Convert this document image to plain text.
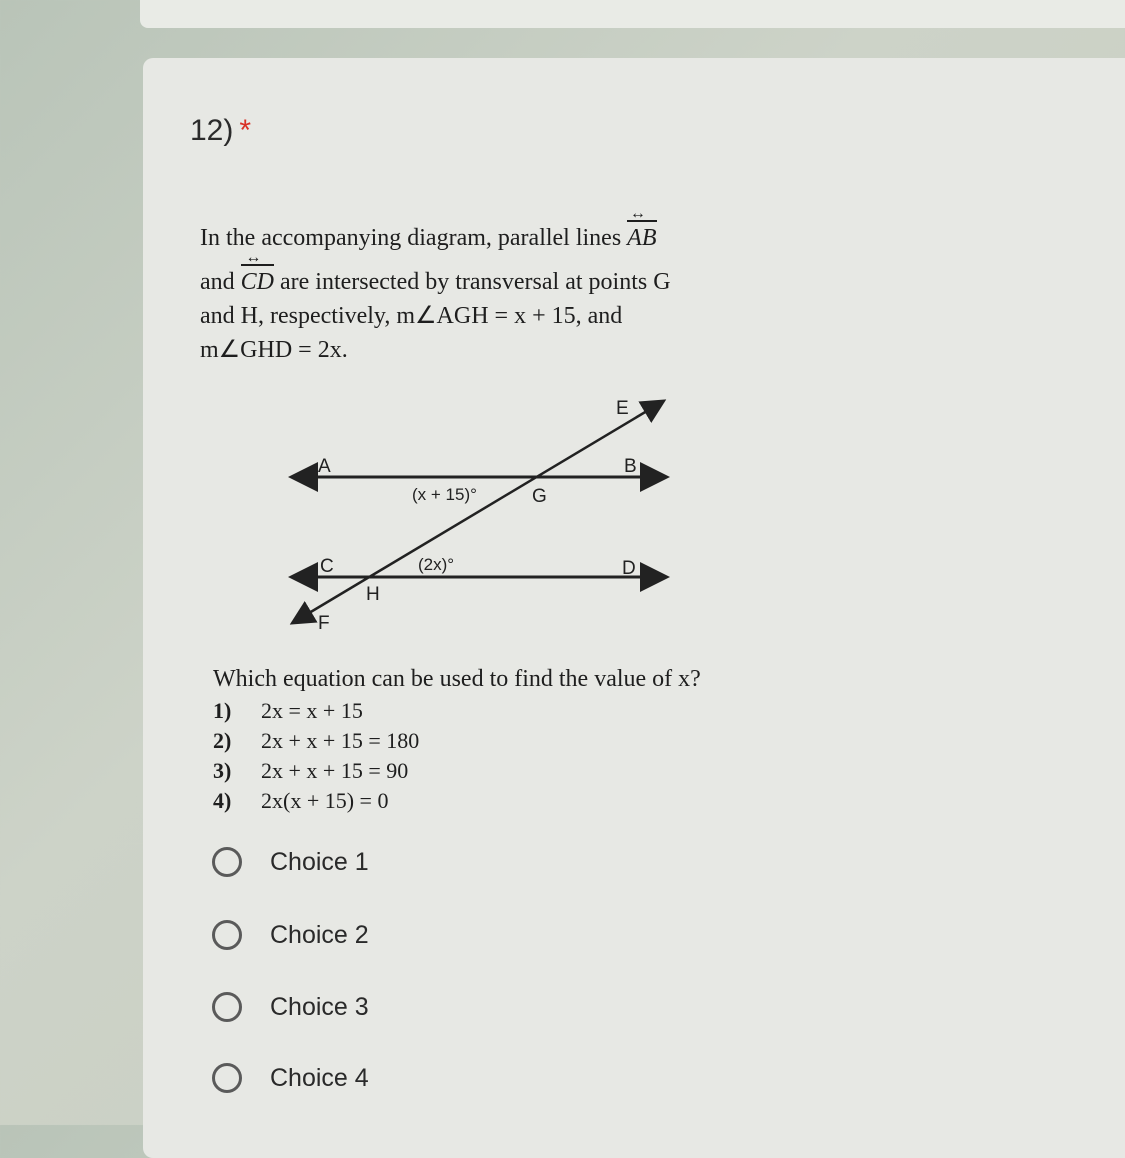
12) *
In the accompanying diagram, parallel lines AB ↔
and CD ↔ are intersected by transversal at points G
and H, respectively, m∠AGH = x + 15, and
m∠GHD = 2x.
E
A	B
G
C	D
H
F
(x + 15)°
(2x)°
Which equation can be used to find the value of x?
1) 2x = x + 15
2) 2x + x + 15 = 180
3) 2x + x + 15 = 90
4) 2x(x + 15) = 0
Choice 1
Choice 2
Choice 3
Choice 4
